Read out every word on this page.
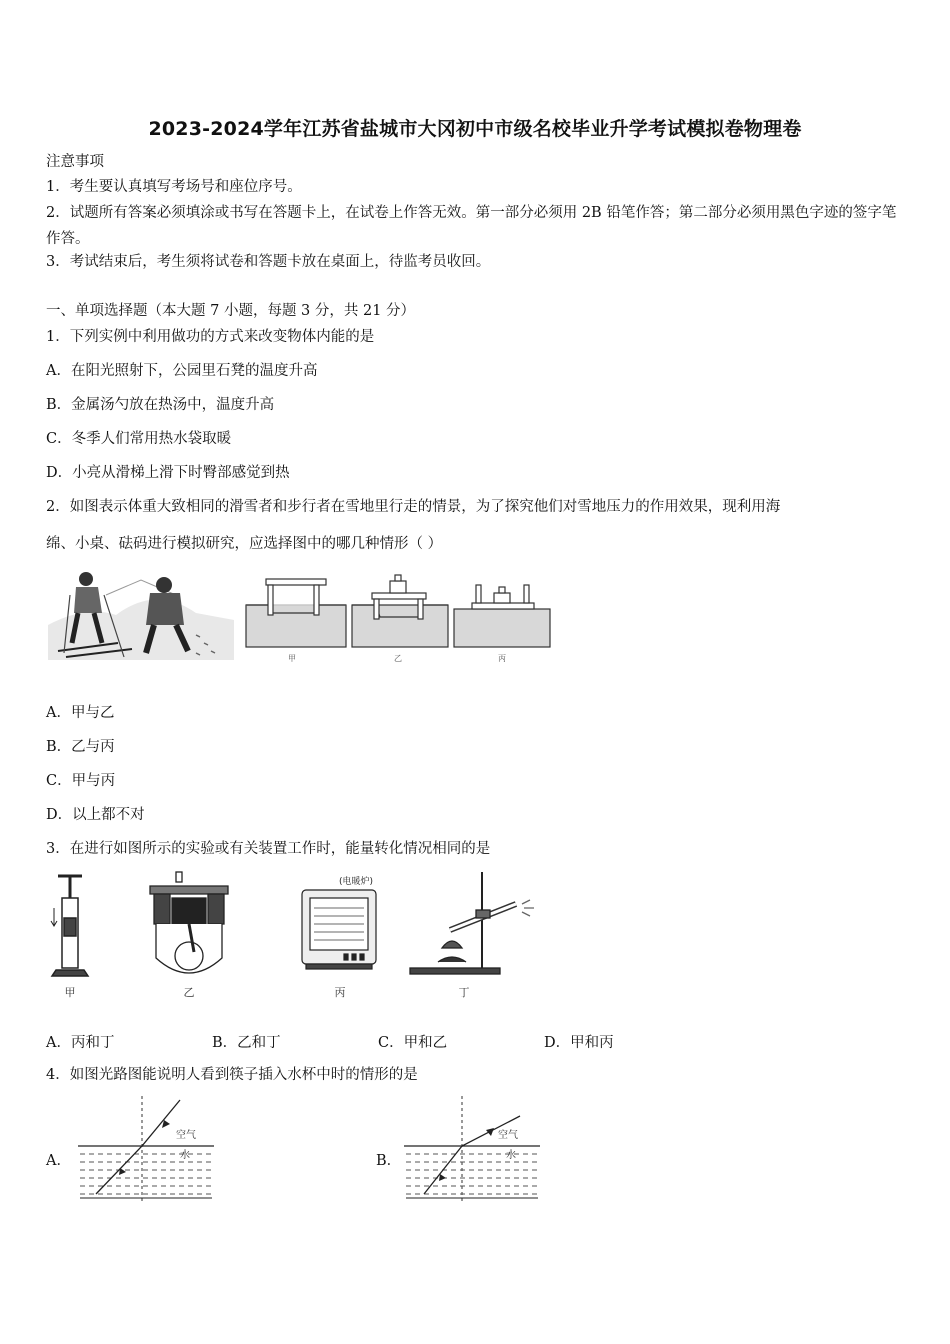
2023-2024学年江苏省盐城市大冈初中市级名校毕业升学考试模拟卷物理卷
注意事项
1．考生要认真填写考场号和座位序号。
2．试题所有答案必须填涂或书写在答题卡上，在试卷上作答无效。第一部分必须用 2B 铅笔作答；第二部分必须用黑色字迹的签字笔作答。
3．考试结束后，考生须将试卷和答题卡放在桌面上，待监考员收回。
一、单项选择题（本大题 7 小题，每题 3 分，共 21 分）
1．下列实例中利用做功的方式来改变物体内能的是
A．在阳光照射下，公园里石凳的温度升高
B．金属汤勺放在热汤中，温度升高
C．冬季人们常用热水袋取暖
D．小亮从滑梯上滑下时臀部感觉到热
2．如图表示体重大致相同的滑雪者和步行者在雪地里行走的情景，为了探究他们对雪地压力的作用效果，现利用海
绵、小桌、砝码进行模拟研究，应选择图中的哪几种情形（ ）
甲	乙	丙
A．甲与乙
B．乙与丙
C．甲与丙
D．以上都不对
3．在进行如图所示的实验或有关装置工作时，能量转化情况相同的是
甲	乙
(电暖炉)
丙	丁
A．丙和丁	B．乙和丁	C．甲和乙	D．甲和丙
4．如图光路图能说明人看到筷子插入水杯中时的情形的是
A．
空气
水	B．
空气
水
